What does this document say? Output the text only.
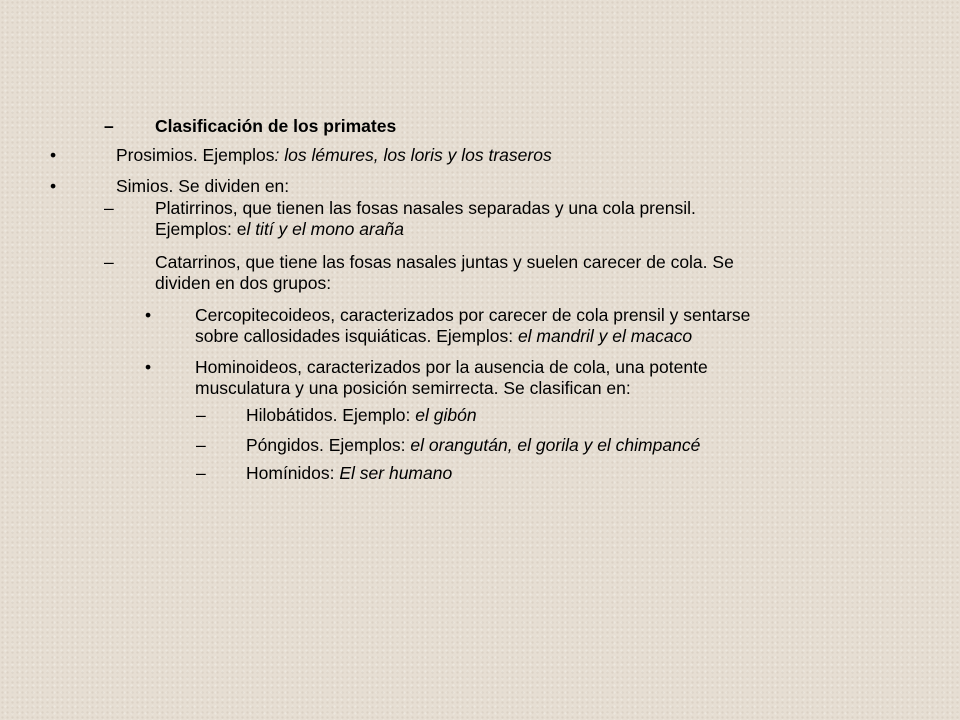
– Clasificación de los primates
•	Prosimios. Ejemplos: los lémures, los loris y los traseros
•	Simios. Se dividen en:
– Platirrinos, que tienen las fosas nasales separadas y una cola prensil.
Ejemplos: el tití y el mono araña
– Catarrinos, que tiene las fosas nasales juntas y suelen carecer de cola. Se
dividen en dos grupos:
•	Cercopitecoideos, caracterizados por carecer de cola prensil y sentarse
sobre callosidades isquiáticas. Ejemplos: el mandril y el macaco
•	Hominoideos, caracterizados por la ausencia de cola, una potente
musculatura y una posición semirrecta. Se clasifican en:
– Hilobátidos. Ejemplo: el gibón
– Póngidos. Ejemplos: el orangután, el gorila y el chimpancé
– Homínidos: El ser humano
